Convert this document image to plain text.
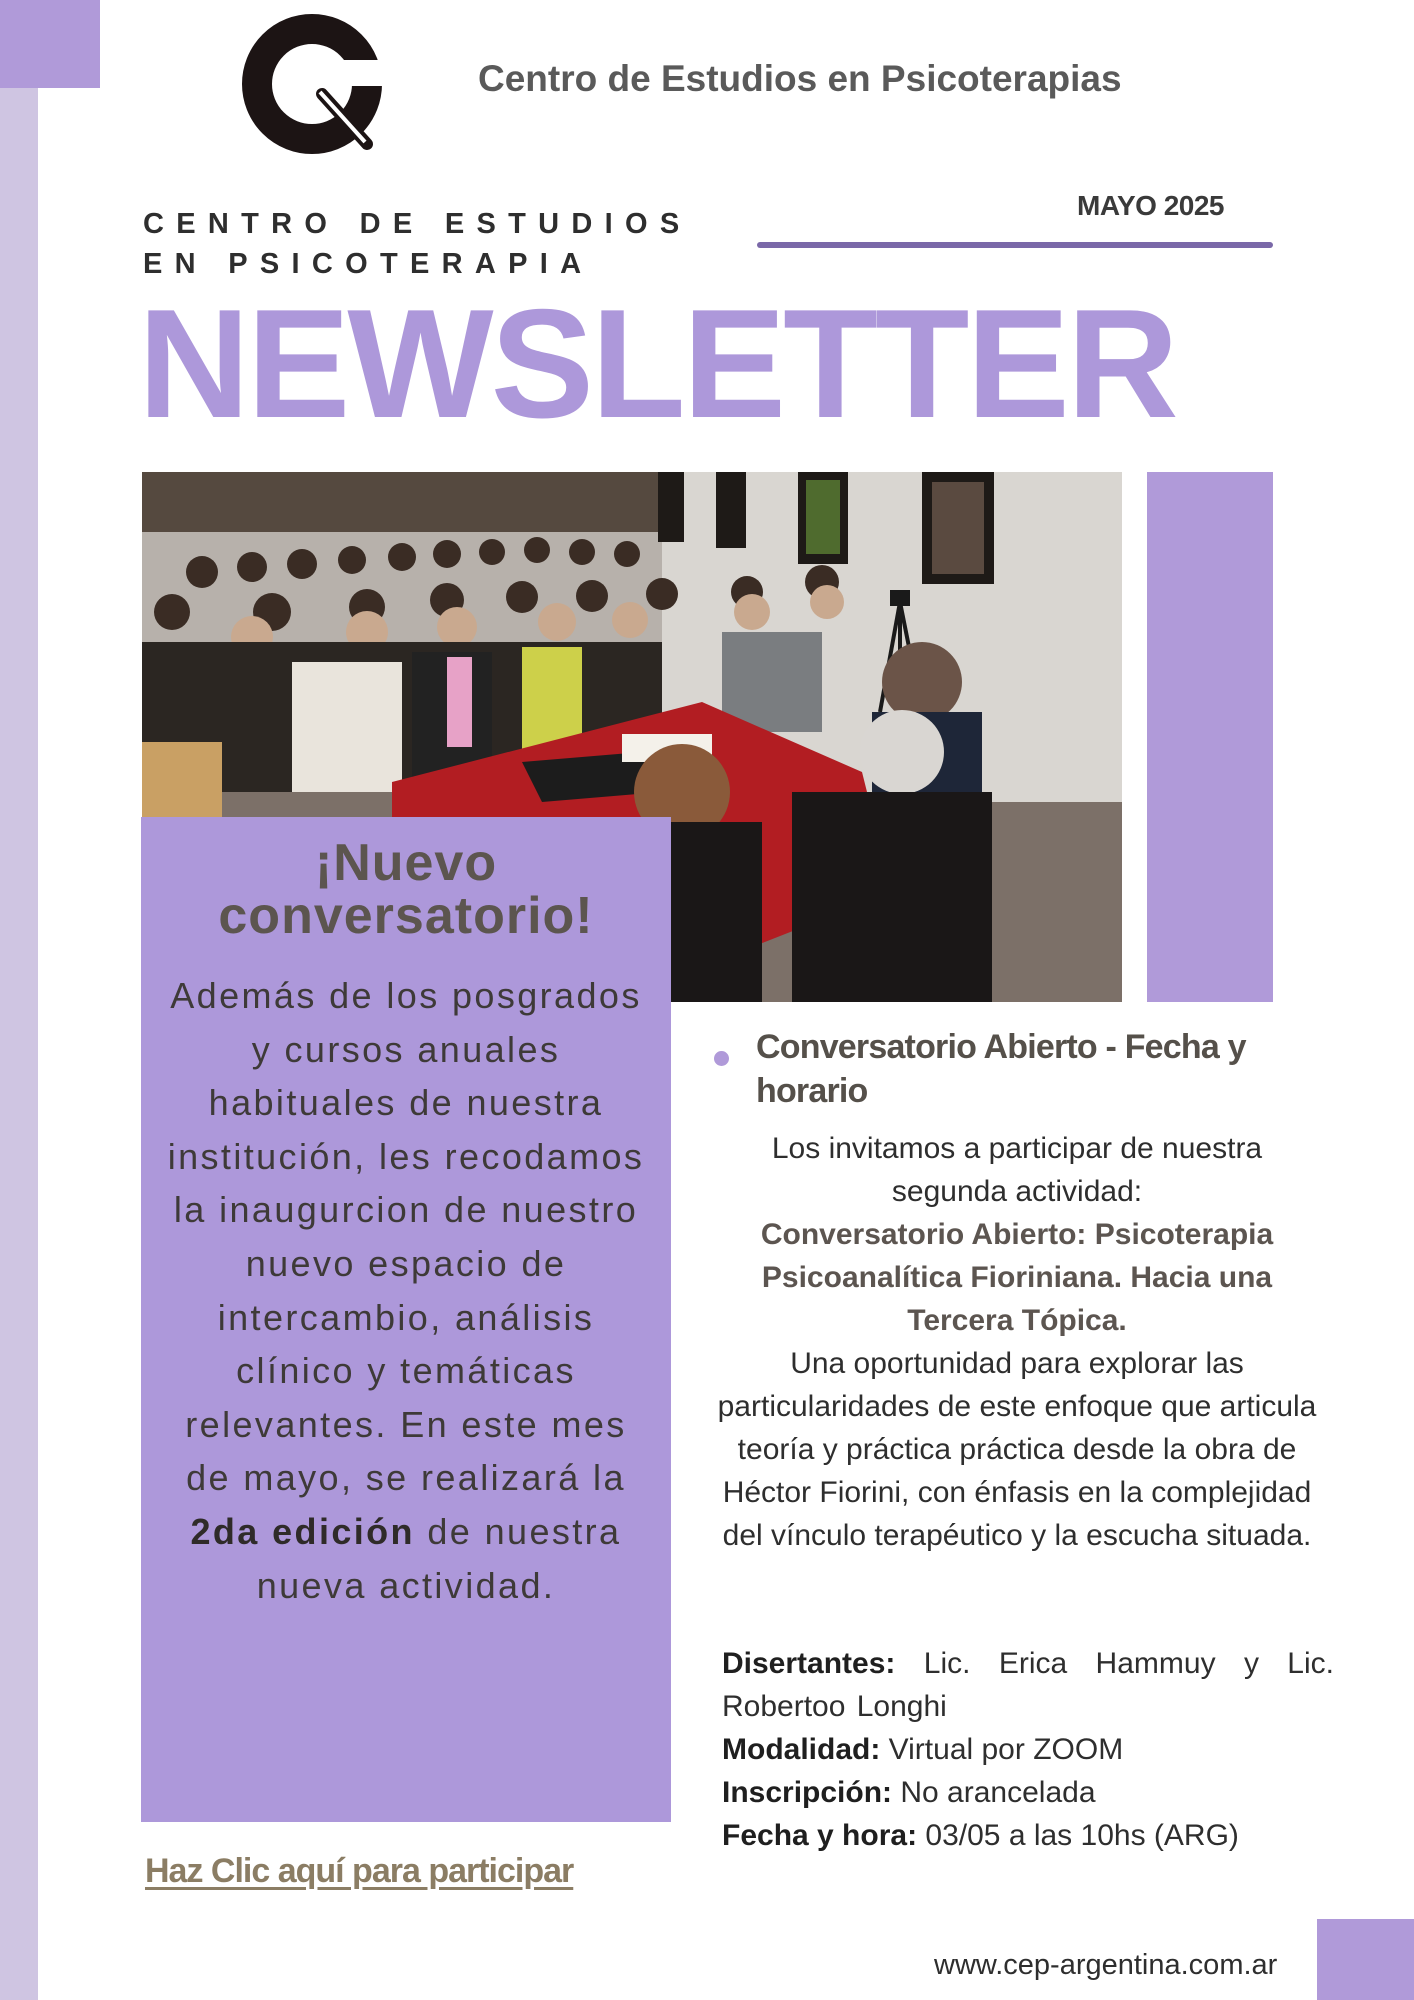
Centro de Estudios en Psicoterapias
CENTRO DE ESTUDIOS
EN PSICOTERAPIA
MAYO 2025
NEWSLETTER
¡Nuevo
conversatorio!
Además de los posgrados y cursos anuales habituales de nuestra institución, les recodamos la inaugurcion de nuestro nuevo espacio de intercambio, análisis clínico y temáticas relevantes. En este mes de mayo, se realizará la 2da edición de nuestra nueva actividad.
Haz Clic aquí para participar
Conversatorio Abierto - Fecha y horario
Los invitamos a participar de nuestra segunda actividad:
Conversatorio Abierto: Psicoterapia Psicoanalítica Fioriniana. Hacia una Tercera Tópica.
Una oportunidad para explorar las particularidades de este enfoque que articula teoría y práctica práctica desde la obra de Héctor Fiorini, con énfasis en la complejidad del vínculo terapéutico y la escucha situada.
Disertantes: Lic. Erica Hammuy y Lic. Robertoo Longhi
Modalidad: Virtual por ZOOM
Inscripción: No arancelada
Fecha y hora: 03/05 a las 10hs (ARG)
www.cep-argentina.com.ar
